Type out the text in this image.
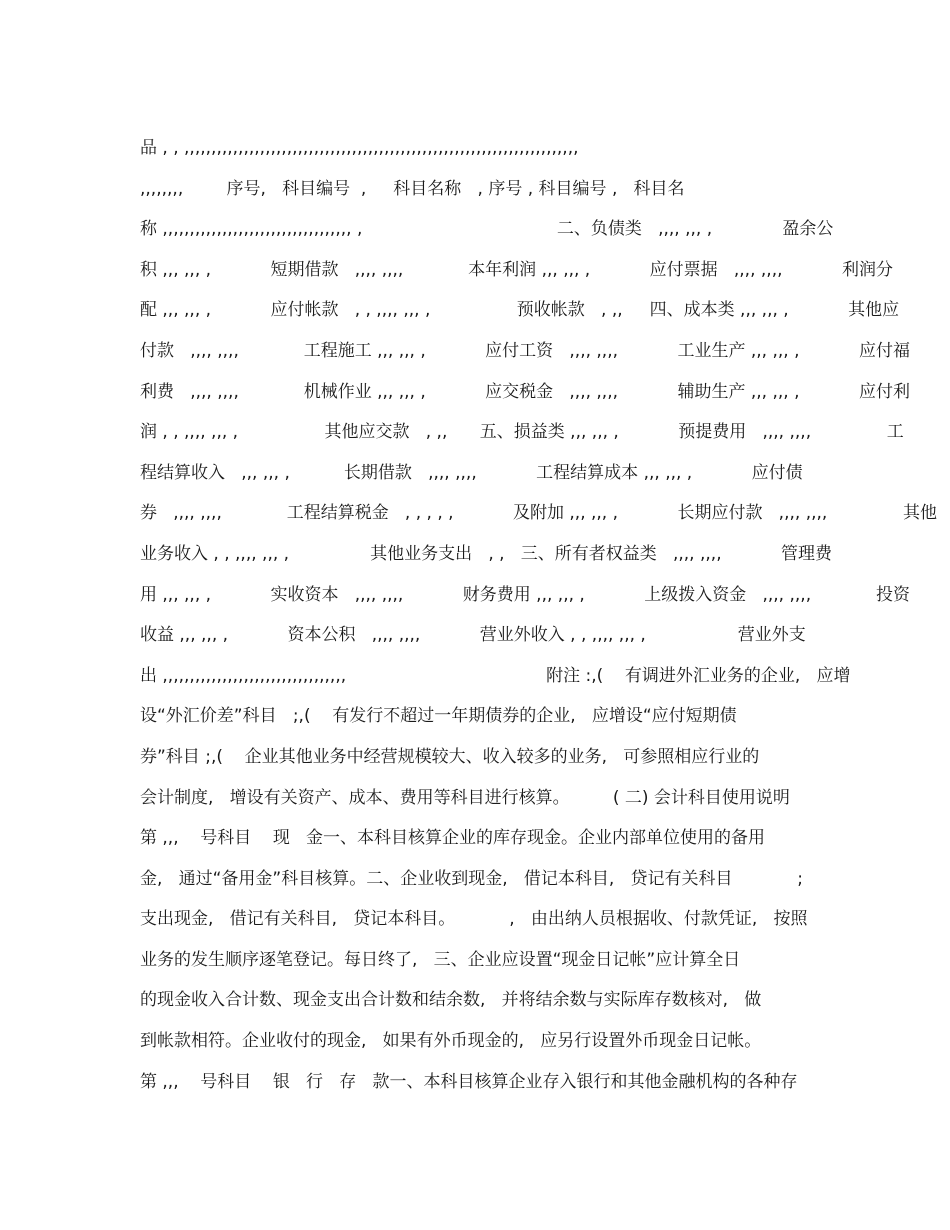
品 , , ,,,,,,,,,,,,,,,,,,,,,,,,,,,,,,,,,,,,,,,,,,,,,,,,,,,,,,,,,,,,,,,,,,,,,,,,,
,,,,,,,,        序号,   科目编号  ,     科目名称   , 序号 , 科目编号 ,   科目名
称 ,,,,,,,,,,,,,,,,,,,,,,,,,,,,,,,,,,, ,                                    二、负债类   ,,,, ,,, ,             盈余公
积 ,,, ,,, ,           短期借款   ,,,, ,,,,            本年利润 ,,, ,,, ,           应付票据   ,,,, ,,,,           利润分
配 ,,, ,,, ,           应付帐款   , , ,,,, ,,, ,                预收帐款   , ,,     四、成本类 ,,, ,,, ,           其他应
付款   ,,,, ,,,,            工程施工 ,,, ,,, ,           应付工资   ,,,, ,,,,           工业生产 ,,, ,,, ,           应付福
利费   ,,,, ,,,,            机械作业 ,,, ,,, ,           应交税金   ,,,, ,,,,           辅助生产 ,,, ,,, ,           应付利
润 , , ,,,, ,,, ,                其他应交款   , ,,      五、损益类 ,,, ,,, ,           预提费用   ,,,, ,,,,              工
程结算收入   ,,, ,,, ,          长期借款   ,,,, ,,,,           工程结算成本 ,,, ,,, ,           应付债
券   ,,,, ,,,,            工程结算税金   , , , , ,           及附加 ,,, ,,, ,           长期应付款   ,,,, ,,,,              其他
业务收入 , , ,,,, ,,, ,               其他业务支出   , ,   三、所有者权益类   ,,,, ,,,,           管理费
用 ,,, ,,, ,           实收资本   ,,,, ,,,,           财务费用 ,,, ,,, ,           上级拨入资金   ,,,, ,,,,            投资
收益 ,,, ,,, ,           资本公积   ,,,, ,,,,           营业外收入 , , ,,,, ,,, ,                 营业外支
出 ,,,,,,,,,,,,,,,,,,,,,,,,,,,,,,,,,,                                     附注 :,(    有调进外汇业务的企业,   应增
设“外汇价差”科目   ;,(    有发行不超过一年期债券的企业,   应增设“应付短期债
券”科目 ;,(    企业其他业务中经营规模较大、收入较多的业务,   可参照相应行业的
会计制度,   增设有关资产、成本、费用等科目进行核算。        ( 二) 会计科目使用说明
第 ,,,    号科目    现   金一、本科目核算企业的库存现金。企业内部单位使用的备用
金,   通过“备用金”科目核算。二、企业收到现金,   借记本科目,   贷记有关科目            ;
支出现金,   借记有关科目,   贷记本科目。          ,   由出纳人员根据收、付款凭证,   按照
业务的发生顺序逐笔登记。每日终了,   三、企业应设置“现金日记帐”应计算全日
的现金收入合计数、现金支出合计数和结余数,   并将结余数与实际库存数核对,   做
到帐款相符。企业收付的现金,   如果有外币现金的,   应另行设置外币现金日记帐。
第 ,,,    号科目    银   行   存   款一、本科目核算企业存入银行和其他金融机构的各种存
